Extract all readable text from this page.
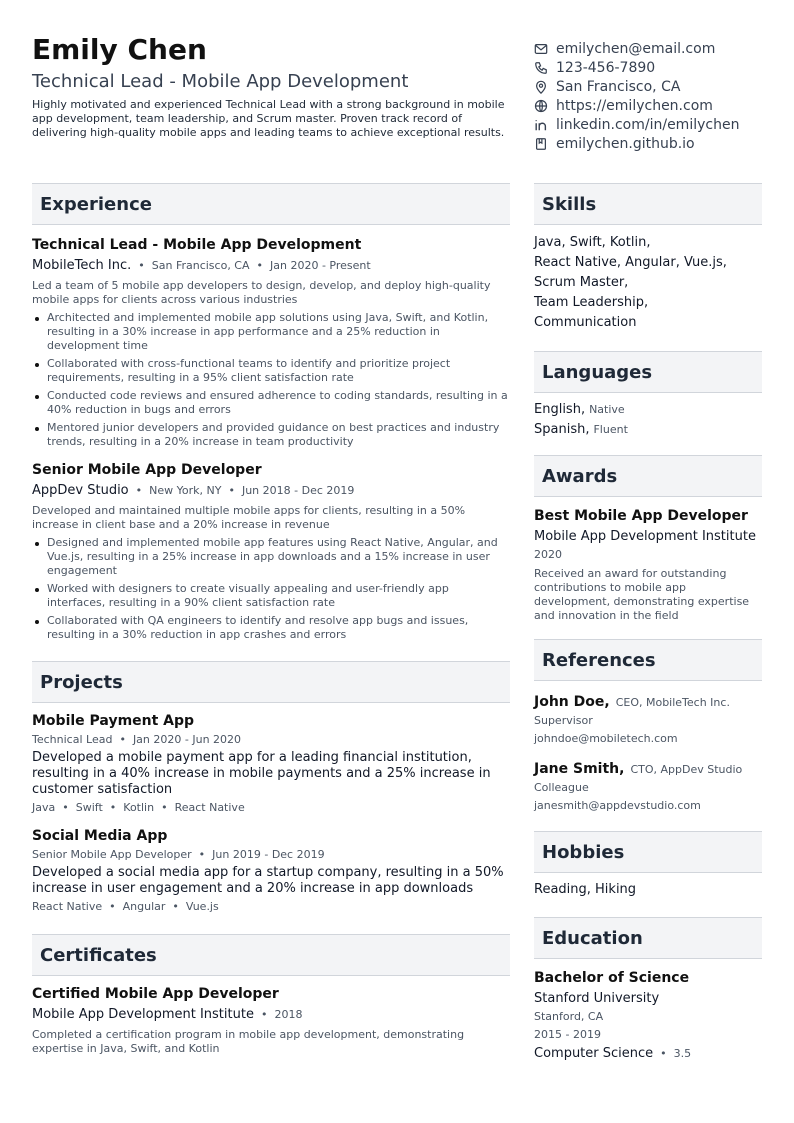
Emily Chen
Technical Lead - Mobile App Development
Highly motivated and experienced Technical Lead with a strong background in mobile app development, team leadership, and Scrum master. Proven track record of delivering high-quality mobile apps and leading teams to achieve exceptional results.
emilychen@email.com
123-456-7890
San Francisco, CA
https://emilychen.com
linkedin.com/in/emilychen
emilychen.github.io
Experience
Technical Lead - Mobile App Development
MobileTech Inc. • San Francisco, CA • Jan 2020 - Present
Led a team of 5 mobile app developers to design, develop, and deploy high-quality mobile apps for clients across various industries
Architected and implemented mobile app solutions using Java, Swift, and Kotlin, resulting in a 30% increase in app performance and a 25% reduction in development time
Collaborated with cross-functional teams to identify and prioritize project requirements, resulting in a 95% client satisfaction rate
Conducted code reviews and ensured adherence to coding standards, resulting in a 40% reduction in bugs and errors
Mentored junior developers and provided guidance on best practices and industry trends, resulting in a 20% increase in team productivity
Senior Mobile App Developer
AppDev Studio • New York, NY • Jun 2018 - Dec 2019
Developed and maintained multiple mobile apps for clients, resulting in a 50% increase in client base and a 20% increase in revenue
Designed and implemented mobile app features using React Native, Angular, and Vue.js, resulting in a 25% increase in app downloads and a 15% increase in user engagement
Worked with designers to create visually appealing and user-friendly app interfaces, resulting in a 90% client satisfaction rate
Collaborated with QA engineers to identify and resolve app bugs and issues, resulting in a 30% reduction in app crashes and errors
Projects
Mobile Payment App
Technical Lead • Jan 2020 - Jun 2020
Developed a mobile payment app for a leading financial institution, resulting in a 40% increase in mobile payments and a 25% increase in customer satisfaction
Java • Swift • Kotlin • React Native
Social Media App
Senior Mobile App Developer • Jun 2019 - Dec 2019
Developed a social media app for a startup company, resulting in a 50% increase in user engagement and a 20% increase in app downloads
React Native • Angular • Vue.js
Certificates
Certified Mobile App Developer
Mobile App Development Institute • 2018
Completed a certification program in mobile app development, demonstrating expertise in Java, Swift, and Kotlin
Skills
Java, Swift, Kotlin,
React Native, Angular, Vue.js,
Scrum Master,
Team Leadership,
Communication
Languages
English, Native
Spanish, Fluent
Awards
Best Mobile App Developer
Mobile App Development Institute
2020
Received an award for outstanding contributions to mobile app development, demonstrating expertise and innovation in the field
References
John Doe, CEO, MobileTech Inc.
Supervisor
johndoe@mobiletech.com
Jane Smith, CTO, AppDev Studio
Colleague
janesmith@appdevstudio.com
Hobbies
Reading, Hiking
Education
Bachelor of Science
Stanford University
Stanford, CA
2015 - 2019
Computer Science • 3.5
